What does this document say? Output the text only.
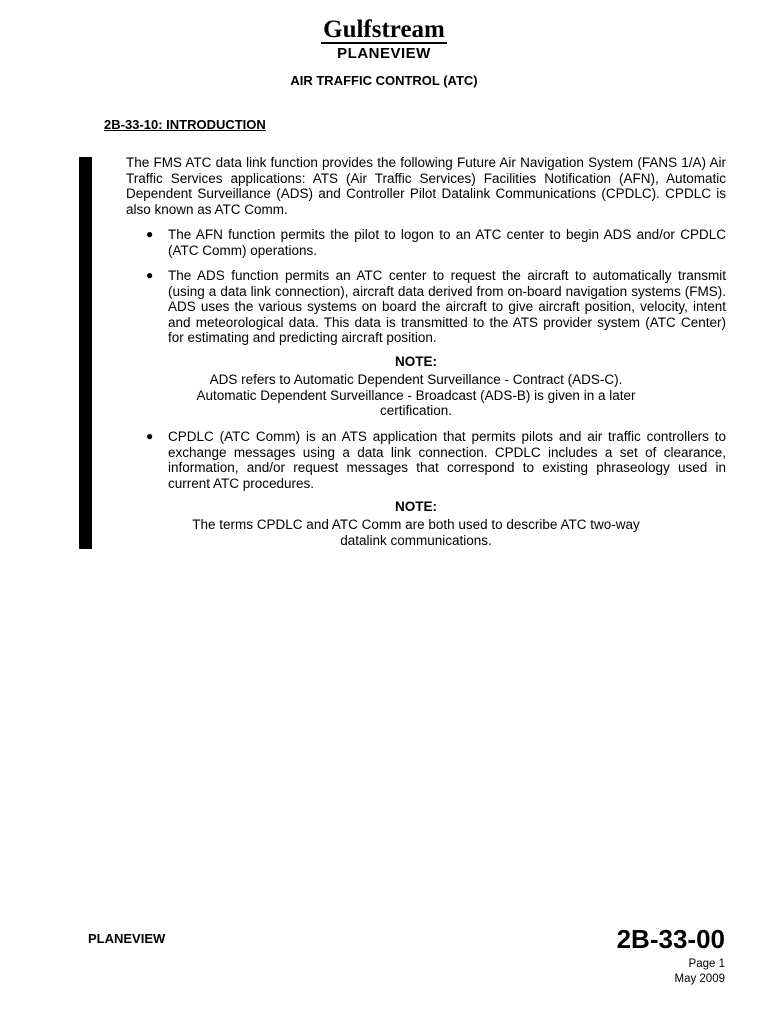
Gulfstream
PLANEVIEW
AIR TRAFFIC CONTROL (ATC)
2B-33-10: INTRODUCTION
The FMS ATC data link function provides the following Future Air Navigation System (FANS 1/A) Air Traffic Services applications: ATS (Air Traffic Services) Facilities Notification (AFN), Automatic Dependent Surveillance (ADS) and Controller Pilot Datalink Communications (CPDLC). CPDLC is also known as ATC Comm.
●	The AFN function permits the pilot to logon to an ATC center to begin ADS and/or CPDLC (ATC Comm) operations.
●	The ADS function permits an ATC center to request the aircraft to automatically transmit (using a data link connection), aircraft data derived from on-board navigation systems (FMS). ADS uses the various systems on board the aircraft to give aircraft position, velocity, intent and meteorological data. This data is transmitted to the ATS provider system (ATC Center) for estimating and predicting aircraft position.
NOTE:
ADS refers to Automatic Dependent Surveillance - Contract (ADS-C).
Automatic Dependent Surveillance - Broadcast (ADS-B) is given in a later
certification.
●	CPDLC (ATC Comm) is an ATS application that permits pilots and air traffic controllers to exchange messages using a data link connection. CPDLC includes a set of clearance, information, and/or request messages that correspond to existing phraseology used in current ATC procedures.
NOTE:
The terms CPDLC and ATC Comm are both used to describe ATC two-way
datalink communications.
PLANEVIEW	2B-33-00
Page 1
May 2009
